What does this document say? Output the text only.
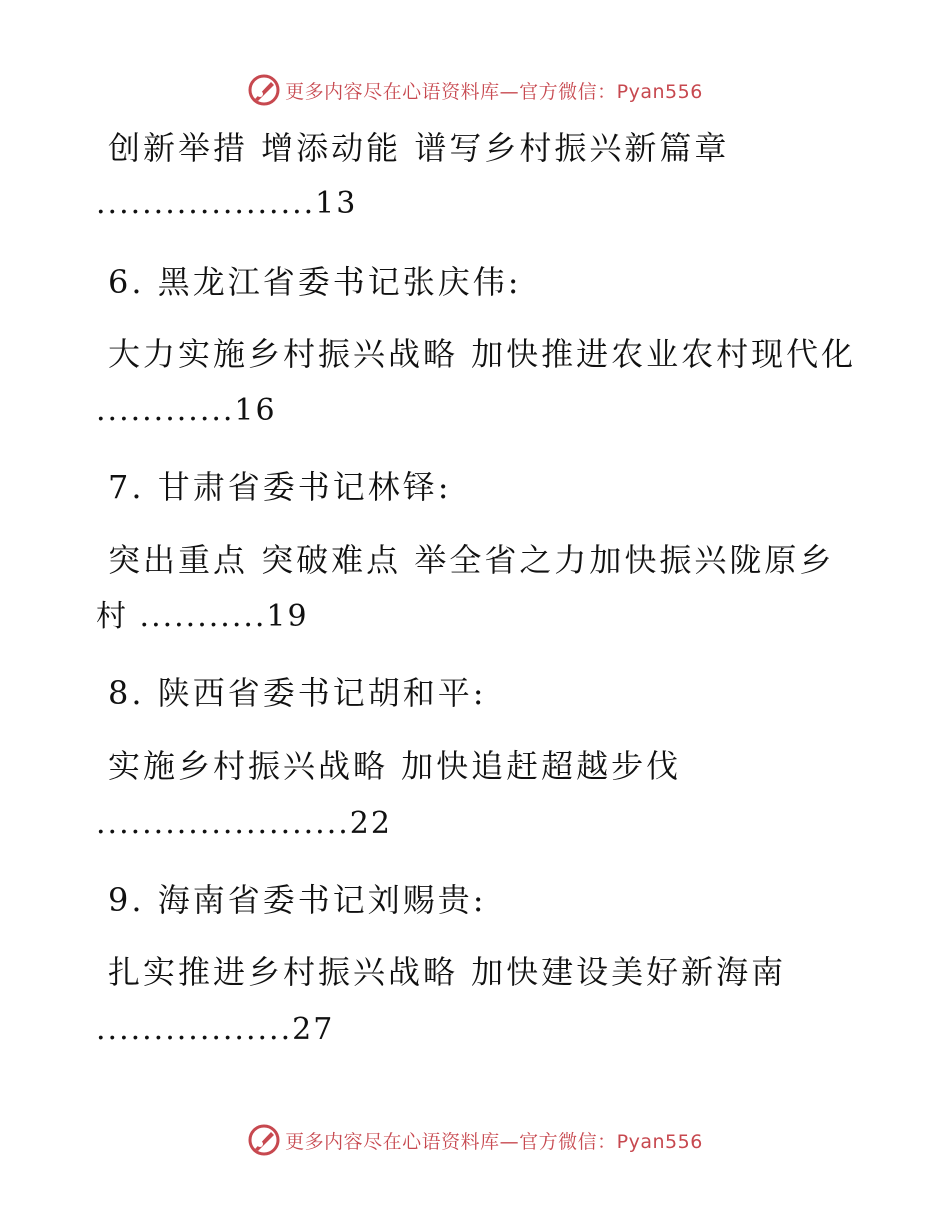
更多内容尽在心语资料库—官方微信：Pyan556
创新举措 增添动能 谱写乡村振兴新篇章
...................13
6. 黑龙江省委书记张庆伟:
大力实施乡村振兴战略 加快推进农业农村现代化
............16
7. 甘肃省委书记林铎:
突出重点 突破难点 举全省之力加快振兴陇原乡
村 ...........19
8. 陕西省委书记胡和平:
实施乡村振兴战略 加快追赶超越步伐
......................22
9. 海南省委书记刘赐贵:
扎实推进乡村振兴战略 加快建设美好新海南
.................27
更多内容尽在心语资料库—官方微信：Pyan556
